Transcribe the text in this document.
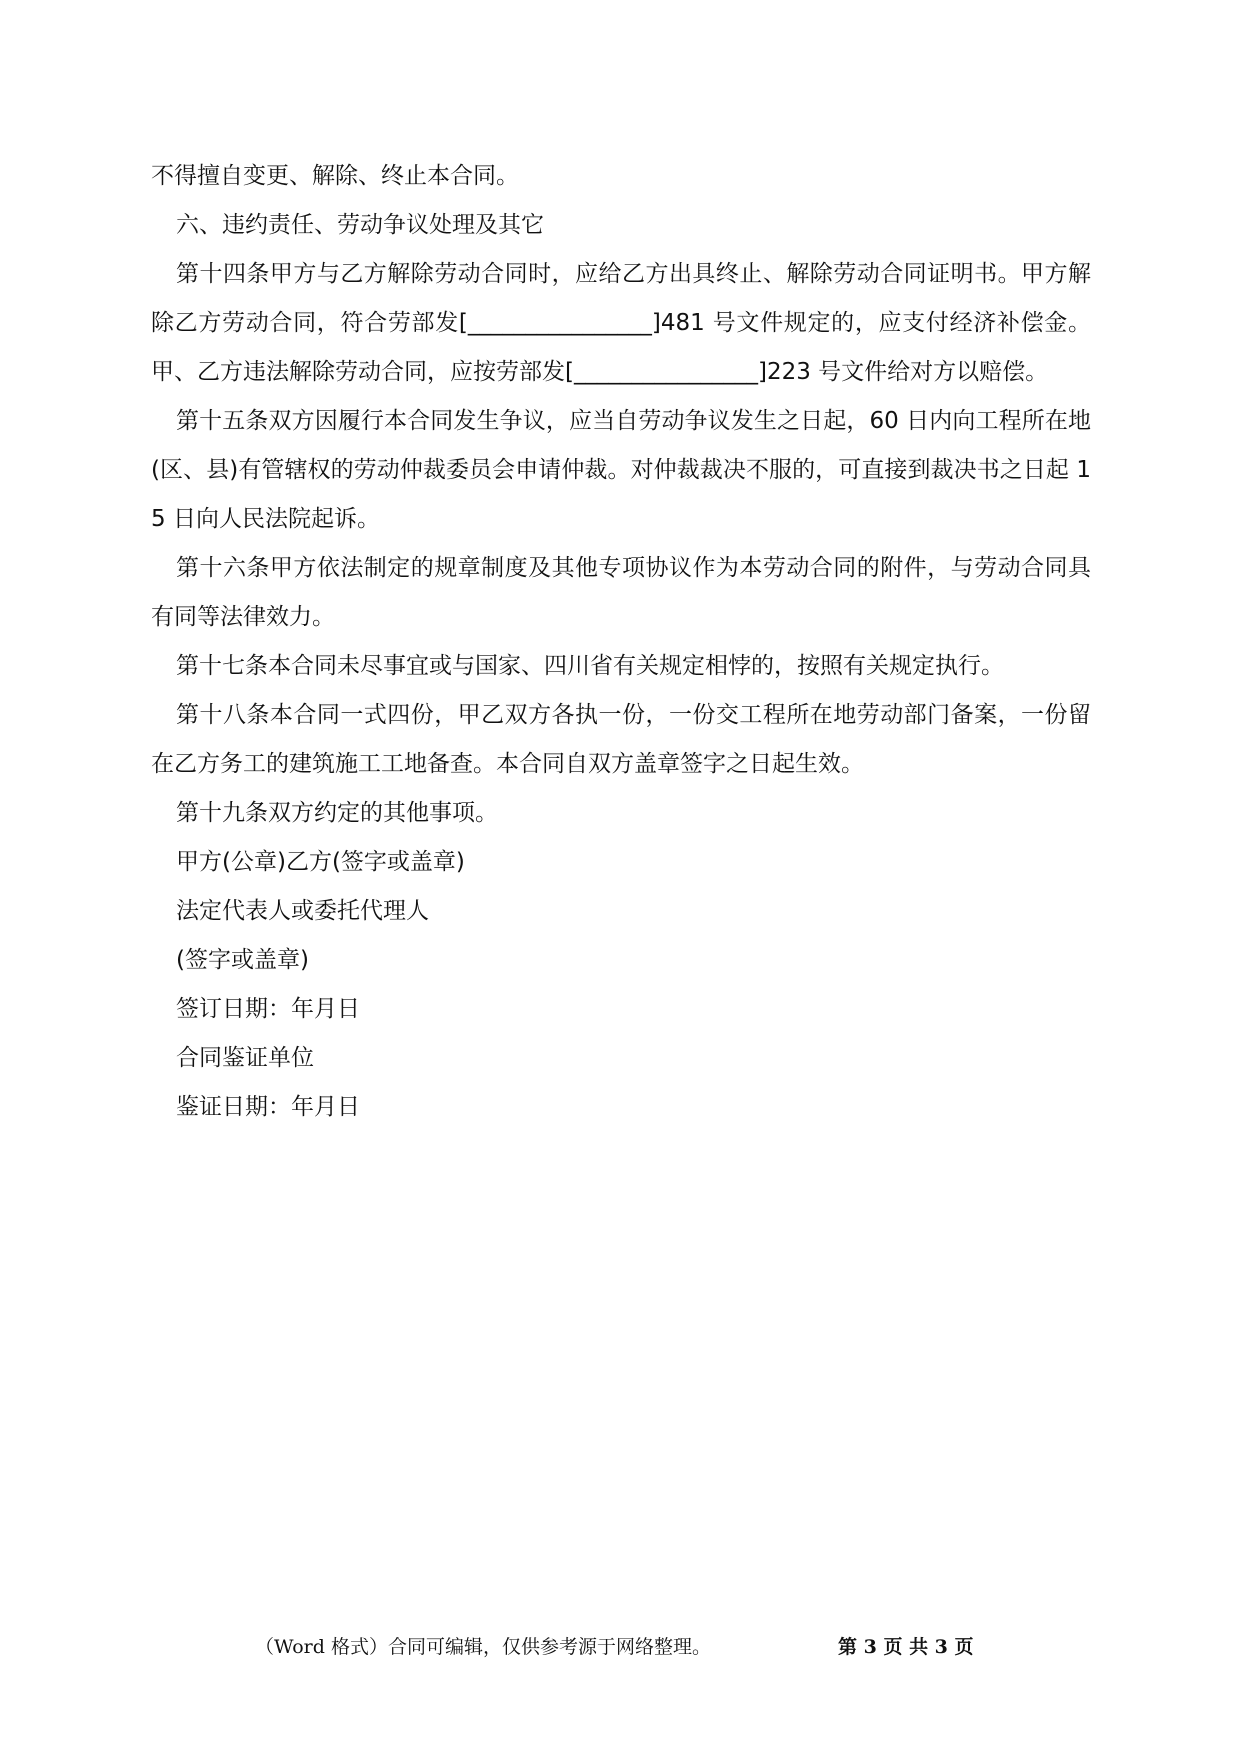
不得擅自变更、解除、终止本合同。

六、违约责任、劳动争议处理及其它

第十四条甲方与乙方解除劳动合同时，应给乙方出具终止、解除劳动合同证明书。甲方解除乙方劳动合同，符合劳部发[________________]481 号文件规定的，应支付经济补偿金。甲、乙方违法解除劳动合同，应按劳部发[________________]223 号文件给对方以赔偿。

第十五条双方因履行本合同发生争议，应当自劳动争议发生之日起，60 日内向工程所在地(区、县)有管辖权的劳动仲裁委员会申请仲裁。对仲裁裁决不服的，可直接到裁决书之日起 15 日向人民法院起诉。

第十六条甲方依法制定的规章制度及其他专项协议作为本劳动合同的附件，与劳动合同具有同等法律效力。

第十七条本合同未尽事宜或与国家、四川省有关规定相悖的，按照有关规定执行。

第十八条本合同一式四份，甲乙双方各执一份，一份交工程所在地劳动部门备案，一份留在乙方务工的建筑施工工地备查。本合同自双方盖章签字之日起生效。

第十九条双方约定的其他事项。

甲方(公章)乙方(签字或盖章)

法定代表人或委托代理人

(签字或盖章)

签订日期：年月日

合同鉴证单位

鉴证日期：年月日

（Word 格式）合同可编辑，仅供参考源于网络整理。	第 3 页 共 3 页
